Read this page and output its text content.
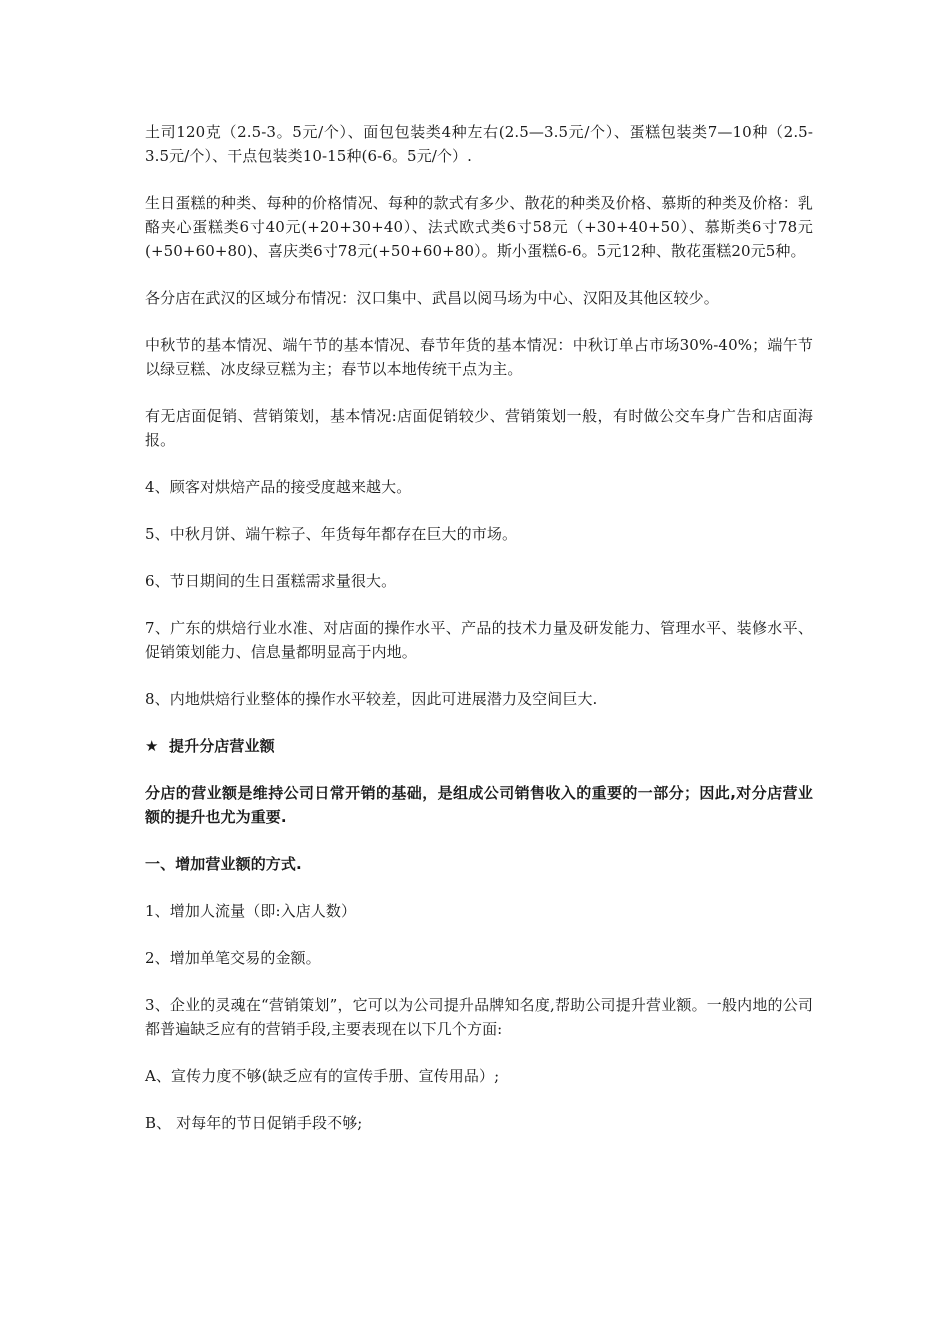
土司120克（2.5-3。5元/个）、面包包装类4种左右(2.5—3.5元/个）、蛋糕包装类7—10种（2.5-3.5元/个）、干点包装类10-15种(6-6。5元/个）.

生日蛋糕的种类、每种的价格情况、每种的款式有多少、散花的种类及价格、慕斯的种类及价格：乳酪夹心蛋糕类6寸40元(+20+30+40）、法式欧式类6寸58元（+30+40+50）、慕斯类6寸78元(+50+60+80)、喜庆类6寸78元(+50+60+80）。斯小蛋糕6-6。5元12种、散花蛋糕20元5种。

各分店在武汉的区域分布情况：汉口集中、武昌以阅马场为中心、汉阳及其他区较少。

中秋节的基本情况、端午节的基本情况、春节年货的基本情况：中秋订单占市场30%-40%；端午节以绿豆糕、冰皮绿豆糕为主；春节以本地传统干点为主。

有无店面促销、营销策划，基本情况:店面促销较少、营销策划一般，有时做公交车身广告和店面海报。

4、顾客对烘焙产品的接受度越来越大。

5、中秋月饼、端午粽子、年货每年都存在巨大的市场。

6、节日期间的生日蛋糕需求量很大。

7、广东的烘焙行业水准、对店面的操作水平、产品的技术力量及研发能力、管理水平、装修水平、促销策划能力、信息量都明显高于内地。

8、内地烘焙行业整体的操作水平较差，因此可进展潜力及空间巨大.

★ 提升分店营业额

分店的营业额是维持公司日常开销的基础，是组成公司销售收入的重要的一部分；因此,对分店营业额的提升也尤为重要.

一、增加营业额的方式.

1、增加人流量（即:入店人数）

2、增加单笔交易的金额。

3、企业的灵魂在“营销策划”，它可以为公司提升品牌知名度,帮助公司提升营业额。一般内地的公司都普遍缺乏应有的营销手段,主要表现在以下几个方面:

A、宣传力度不够(缺乏应有的宣传手册、宣传用品）;

B、 对每年的节日促销手段不够;
